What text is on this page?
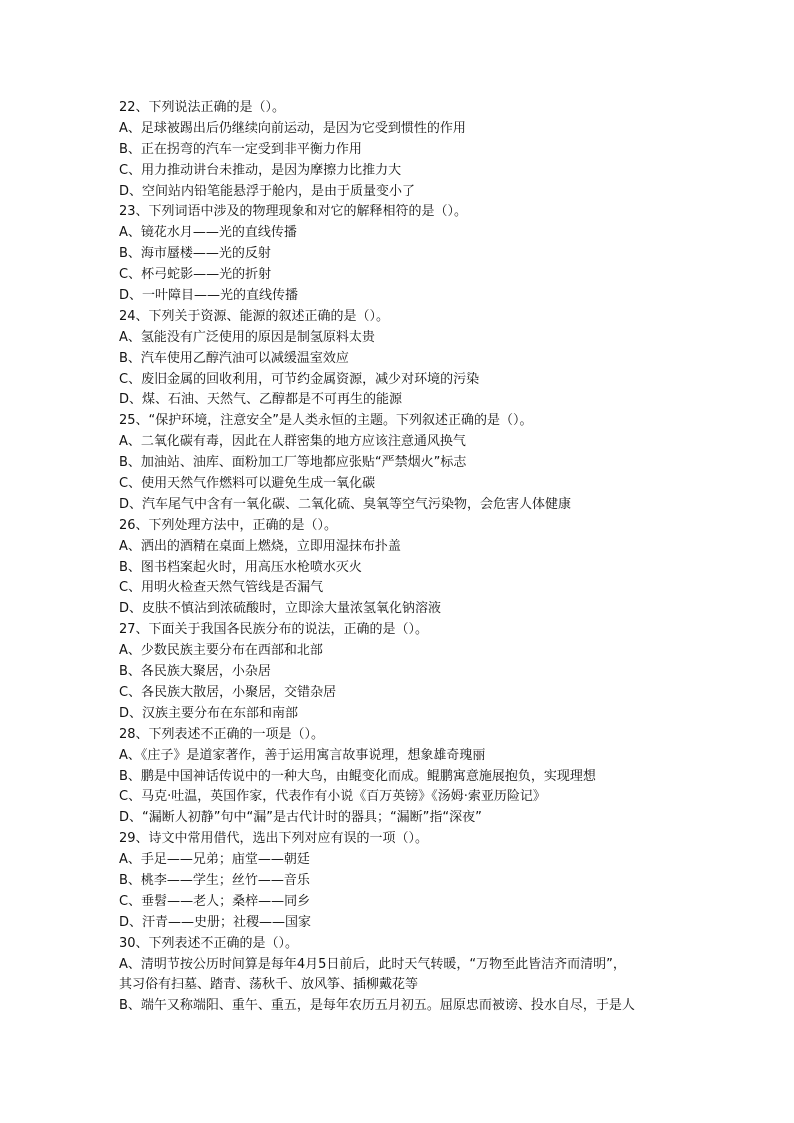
22、下列说法正确的是（）。
A、足球被踢出后仍继续向前运动，是因为它受到惯性的作用
B、正在拐弯的汽车一定受到非平衡力作用
C、用力推动讲台未推动，是因为摩擦力比推力大
D、空间站内铅笔能悬浮于舱内，是由于质量变小了
23、下列词语中涉及的物理现象和对它的解释相符的是（）。
A、镜花水月——光的直线传播
B、海市蜃楼——光的反射
C、杯弓蛇影——光的折射
D、一叶障目——光的直线传播
24、下列关于资源、能源的叙述正确的是（）。
A、氢能没有广泛使用的原因是制氢原料太贵
B、汽车使用乙醇汽油可以减缓温室效应
C、废旧金属的回收利用，可节约金属资源，减少对环境的污染
D、煤、石油、天然气、乙醇都是不可再生的能源
25、“保护环境，注意安全”是人类永恒的主题。下列叙述正确的是（）。
A、二氧化碳有毒，因此在人群密集的地方应该注意通风换气
B、加油站、油库、面粉加工厂等地都应张贴“严禁烟火”标志
C、使用天然气作燃料可以避免生成一氧化碳
D、汽车尾气中含有一氧化碳、二氧化硫、臭氧等空气污染物，会危害人体健康
26、下列处理方法中，正确的是（）。
A、洒出的酒精在桌面上燃烧，立即用湿抹布扑盖
B、图书档案起火时，用高压水枪喷水灭火
C、用明火检查天然气管线是否漏气
D、皮肤不慎沾到浓硫酸时，立即涂大量浓氢氧化钠溶液
27、下面关于我国各民族分布的说法，正确的是（）。
A、少数民族主要分布在西部和北部
B、各民族大聚居，小杂居
C、各民族大散居，小聚居，交错杂居
D、汉族主要分布在东部和南部
28、下列表述不正确的一项是（）。
A、《庄子》是道家著作，善于运用寓言故事说理，想象雄奇瑰丽
B、鹏是中国神话传说中的一种大鸟，由鲲变化而成。鲲鹏寓意施展抱负，实现理想
C、马克·吐温，英国作家，代表作有小说《百万英镑》《汤姆·索亚历险记》
D、“漏断人初静”句中“漏”是古代计时的器具；“漏断”指“深夜”
29、诗文中常用借代，选出下列对应有误的一项（）。
A、手足——兄弟；庙堂——朝廷
B、桃李——学生；丝竹——音乐
C、垂髫——老人；桑梓——同乡
D、汗青——史册；社稷——国家
30、下列表述不正确的是（）。
A、清明节按公历时间算是每年4月5日前后，此时天气转暖，“万物至此皆洁齐而清明”，
其习俗有扫墓、踏青、荡秋千、放风筝、插柳戴花等
B、端午又称端阳、重午、重五，是每年农历五月初五。屈原忠而被谤、投水自尽，于是人
